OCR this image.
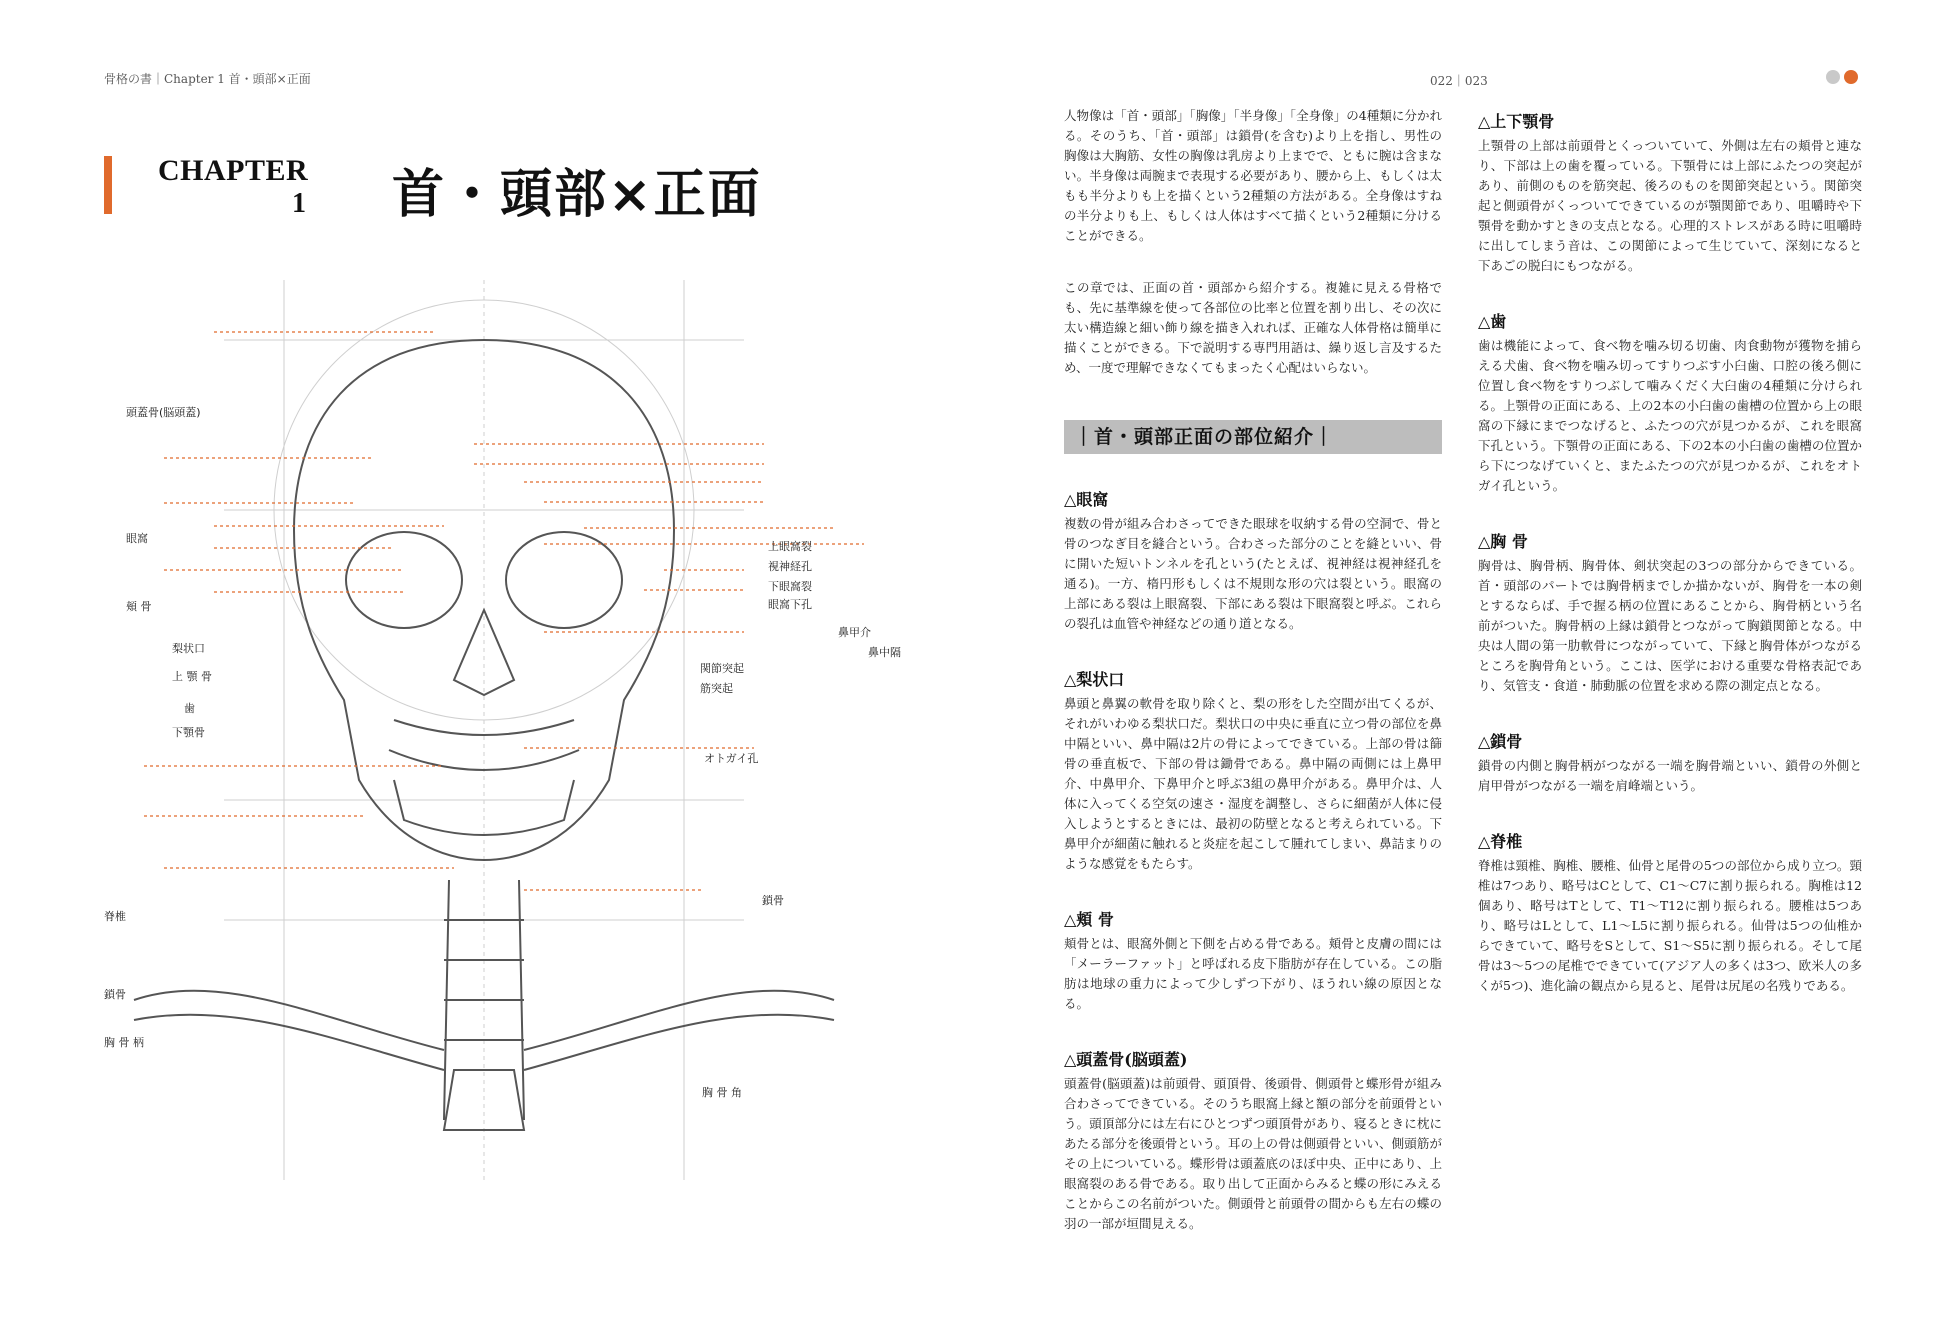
骨格の書｜Chapter 1 首・頭部×正面	022｜023
CHAPTER
1 首・頭部×正面
頭蓋骨(脳頭蓋)
眼窩
頬 骨
梨状口
上 顎 骨
歯
下顎骨
脊椎
鎖骨
胸 骨 柄
上眼窩裂
視神経孔
下眼窩裂
眼窩下孔
鼻甲介
鼻中隔
関節突起
筋突起
オトガイ孔
鎖骨
胸 骨 角

人物像は「首・頭部」「胸像」「半身像」「全身像」の4種類に分かれる。そのうち、「首・頭部」は鎖骨(を含む)より上を指し、男性の胸像は大胸筋、女性の胸像は乳房より上までで、ともに腕は含まない。半身像は両腕まで表現する必要があり、腰から上、もしくは太もも半分よりも上を描くという2種類の方法がある。全身像はすねの半分よりも上、もしくは人体はすべて描くという2種類に分けることができる。

この章では、正面の首・頭部から紹介する。複雑に見える骨格でも、先に基準線を使って各部位の比率と位置を割り出し、その次に太い構造線と細い飾り線を描き入れれば、正確な人体骨格は簡単に描くことができる。下で説明する専門用語は、繰り返し言及するため、一度で理解できなくてもまったく心配はいらない。

｜首・頭部正面の部位紹介｜
△眼窩

複数の骨が組み合わさってできた眼球を収納する骨の空洞で、骨と骨のつなぎ目を縫合という。合わさった部分のことを縫といい、骨に開いた短いトンネルを孔という(たとえば、視神経は視神経孔を通る)。一方、楕円形もしくは不規則な形の穴は裂という。眼窩の上部にある裂は上眼窩裂、下部にある裂は下眼窩裂と呼ぶ。これらの裂孔は血管や神経などの通り道となる。

△梨状口

鼻頭と鼻翼の軟骨を取り除くと、梨の形をした空間が出てくるが、それがいわゆる梨状口だ。梨状口の中央に垂直に立つ骨の部位を鼻中隔といい、鼻中隔は2片の骨によってできている。上部の骨は篩骨の垂直板で、下部の骨は鋤骨である。鼻中隔の両側には上鼻甲介、中鼻甲介、下鼻甲介と呼ぶ3組の鼻甲介がある。鼻甲介は、人体に入ってくる空気の速さ・湿度を調整し、さらに細菌が人体に侵入しようとするときには、最初の防壁となると考えられている。下鼻甲介が細菌に触れると炎症を起こして腫れてしまい、鼻詰まりのような感覚をもたらす。

△頬 骨

頬骨とは、眼窩外側と下側を占める骨である。頬骨と皮膚の間には「メーラーファット」と呼ばれる皮下脂肪が存在している。この脂肪は地球の重力によって少しずつ下がり、ほうれい線の原因となる。

△頭蓋骨(脳頭蓋)

頭蓋骨(脳頭蓋)は前頭骨、頭頂骨、後頭骨、側頭骨と蝶形骨が組み合わさってできている。そのうち眼窩上縁と額の部分を前頭骨という。頭頂部分には左右にひとつずつ頭頂骨があり、寝るときに枕にあたる部分を後頭骨という。耳の上の骨は側頭骨といい、側頭筋がその上についている。蝶形骨は頭蓋底のほぼ中央、正中にあり、上眼窩裂のある骨である。取り出して正面からみると蝶の形にみえることからこの名前がついた。側頭骨と前頭骨の間からも左右の蝶の羽の一部が垣間見える。

△上下顎骨

上顎骨の上部は前頭骨とくっついていて、外側は左右の頬骨と連なり、下部は上の歯を覆っている。下顎骨には上部にふたつの突起があり、前側のものを筋突起、後ろのものを関節突起という。関節突起と側頭骨がくっついてできているのが顎関節であり、咀嚼時や下顎骨を動かすときの支点となる。心理的ストレスがある時に咀嚼時に出してしまう音は、この関節によって生じていて、深刻になると下あごの脱臼にもつながる。

△歯

歯は機能によって、食べ物を噛み切る切歯、肉食動物が獲物を捕らえる犬歯、食べ物を噛み切ってすりつぶす小臼歯、口腔の後ろ側に位置し食べ物をすりつぶして噛みくだく大臼歯の4種類に分けられる。上顎骨の正面にある、上の2本の小臼歯の歯槽の位置から上の眼窩の下縁にまでつなげると、ふたつの穴が見つかるが、これを眼窩下孔という。下顎骨の正面にある、下の2本の小臼歯の歯槽の位置から下につなげていくと、またふたつの穴が見つかるが、これをオトガイ孔という。

△胸 骨

胸骨は、胸骨柄、胸骨体、剣状突起の3つの部分からできている。首・頭部のパートでは胸骨柄までしか描かないが、胸骨を一本の剣とするならば、手で握る柄の位置にあることから、胸骨柄という名前がついた。胸骨柄の上縁は鎖骨とつながって胸鎖関節となる。中央は人間の第一肋軟骨につながっていて、下縁と胸骨体がつながるところを胸骨角という。ここは、医学における重要な骨格表記であり、気管支・食道・肺動脈の位置を求める際の測定点となる。

△鎖骨

鎖骨の内側と胸骨柄がつながる一端を胸骨端といい、鎖骨の外側と肩甲骨がつながる一端を肩峰端という。

△脊椎

脊椎は頸椎、胸椎、腰椎、仙骨と尾骨の5つの部位から成り立つ。頸椎は7つあり、略号はCとして、C1〜C7に割り振られる。胸椎は12個あり、略号はTとして、T1〜T12に割り振られる。腰椎は5つあり、略号はLとして、L1〜L5に割り振られる。仙骨は5つの仙椎からできていて、略号をSとして、S1〜S5に割り振られる。そして尾骨は3〜5つの尾椎でできていて(アジア人の多くは3つ、欧米人の多くが5つ)、進化論の観点から見ると、尾骨は尻尾の名残りである。
